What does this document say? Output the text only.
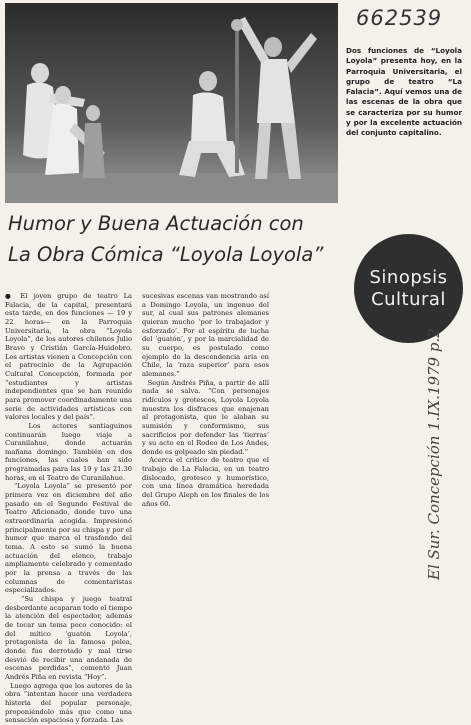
662539
Dos funciones de “Loyola Loyola” presenta hoy, en la Parroquia Universitaria, el grupo de teatro “La Falacia”. Aquí vemos una de las escenas de la obra que se caracteriza por su humor y por la excelente actuación del conjunto capitalino.
Humor y Buena Actuación con
La Obra Cómica “Loyola Loyola”
Sinopsis
Cultural
El Sur. Concepción 1.IX.1979 p.2
● El joven grupo de teatro La Falacia, de la capital, presentará esta tarde, en dos funciones — 19 y 22 horas— en la Parroquia Universitaria, la obra “Loyola Loyola”, de los autores chilenos Julio Bravo y Cristián García-Huidobro. Los artistas vienen a Concepción con el patrocinio de la Agrupación Cultural Concepción, formada por “estudiantes y artistas independientes que se han reunido para promover coordinadamente una serie de actividades artísticas con valores locales y del país”.
Los actores santiaguinos continuarán luego viaje a Curanilahue, donde actuarán mañana domingo. También en dos funciones, las cuales han sido programadas para las 19 y las 21.30 horas, en el Teatro de Curanilahue.
“Loyola Loyola” se presentó por primera vez en diciembre del año pasado en el Segundo Festival de Teatro Aficionado, donde tuvo una extraordinaria acogida. Impresionó principalmente por su chispa y por el humor que marca el trasfondo del tema. A esto se sumó la buena actuación del elenco, trabajo ampliamente celebrado y comentado por la prensa a través de las columnas de comentaristas especializados.
“Su chispa y juego teatral desbordante acaparan todo el tiempo la atención del espectador, además de tocar un tema poco conocido: el del mítico ‘guatón Loyola’, protagonista de la famosa pelea, donde fue derrotado y mal tirse desvió de recibir una andanada de escenas perdidas”, comentó Juan Andrés Piña en revista “Hoy”.
Luego agrega que los autores de la obra “intentan hacer una verdadera historia del popular personaje, proponiéndolo más que como una sensación espaciosa y forzada. Las
sucesivas escenas van mostrando así a Domingo Loyola, un ingenuo del sur, al cual sus patrones alemanes quieran mucho ‘por lo trabajador y esforzado’. Por el espíritu de lucha del ‘guatón’, y por la marcialidad de su cuerpo, es postulado como ejemplo de la descendencia aria en Chile, la ‘raza superior’ para esos alemanes.”
Según Andrés Piña, a partir de allí nada se salva. “Con personajes ridículos y grotescos, Loyola Loyola muestra los disfraces que enajenan al protagonista, que le alaban su sumisión y conformismo, sus sacrificios por defender las ‘tierras’ y su acto en el Rodeo de Los Andes, donde es golpeado sin piedad.”
Acerca el crítico de teatro que el trabajo de La Falacia, en un teatro dislocado, grotesco y humorístico, con una línea dramática heredada del Grupo Aleph en los finales de los años 60.
